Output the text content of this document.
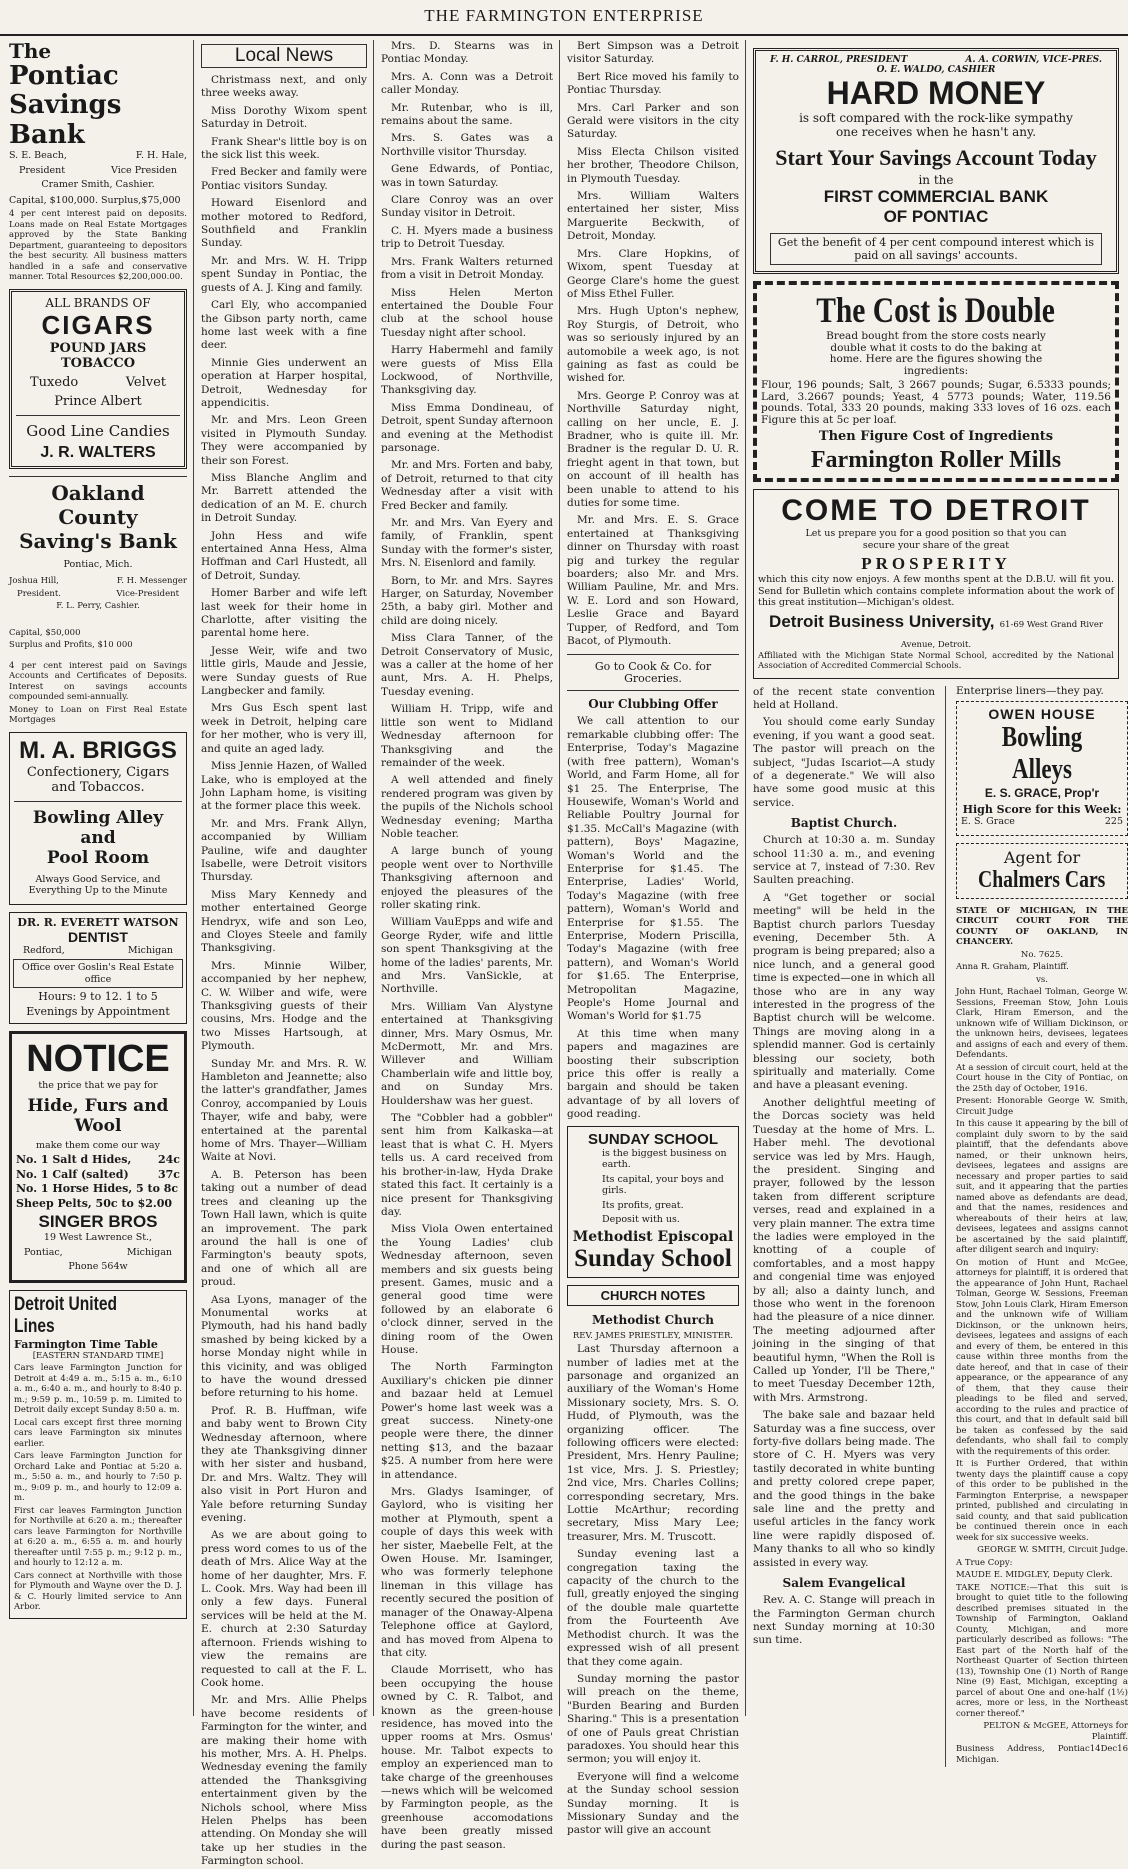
THE FARMINGTON ENTERPRISE
The
Pontiac
Savings Bank
S. E. Beach,	F. H. Hale,
President	Vice Presiden
Cramer Smith, Cashier.
Capital, $100,000. Surplus,$75,000
4 per cent interest paid on deposits. Loans made on Real Estate Mortgages approved by the State Banking Department, guaranteeing to depositors the best security. All business matters handled in a safe and conservative manner. Total Resources $2,200,000.00.
ALL BRANDS OF
CIGARS
POUND JARS TOBACCO
Tuxedo	Velvet
Prince Albert
Good Line Candies
J. R. WALTERS
Oakland County
Saving's Bank
Pontiac, Mich.
Joshua Hill,	F. H. Messenger
President.	Vice-President
F. L. Perry, Cashier.
Capital, $50,000
Surplus and Profits, $10 000
4 per cent interest paid on Savings Accounts and Certificates of Deposits. Interest on savings accounts compounded semi-annually.
Money to Loan on First Real Estate Mortgages
M. A. BRIGGS
Confectionery, Cigars
and Tobaccos.
Bowling Alley and
Pool Room
Always Good Service, and Everything Up to the Minute
DR. R. EVERETT WATSON
DENTIST
Redford,	Michigan
Office over Goslin's Real Estate office
Hours: 9 to 12. 1 to 5
Evenings by Appointment
NOTICE
the price that we pay for
Hide, Furs and Wool
make them come our way
No. 1 Salt d Hides, 24c
No. 1 Calf (salted)	37c
No. 1 Horse Hides, 5 to 8c
Sheep Pelts, 50c to $2.00
SINGER BROS
19 West Lawrence St.,
Pontiac,	Michigan
Phone 564w
Detroit United Lines
Farmington Time Table
[EASTERN STANDARD TIME]
Cars leave Farmington Junction for Detroit at 4:49 a. m., 5:15 a. m., 6:10 a. m., 6:40 a. m., and hourly to 8:40 p. m.; 9:59 p. m., 10:59 p. m. Limited to Detroit daily except Sunday 8:50 a. m.
Local cars except first three morning cars leave Farmington six minutes earlier.
Cars leave Farmington Junction for Orchard Lake and Pontiac at 5:20 a. m., 5:50 a. m., and hourly to 7:50 p. m., 9:09 p. m., and hourly to 12:09 a. m.
First car leaves Farmington Junction for Northville at 6:20 a. m.; thereafter cars leave Farmington for Northville at 6:20 a. m., 6:55 a. m. and hourly thereafter until 7:55 p. m.; 9:12 p. m., and hourly to 12:12 a. m.
Cars connect at Northville with those for Plymouth and Wayne over the D. J. & C. Hourly limited service to Ann Arbor.
Local News

Christmass next, and only three weeks away.

Miss Dorothy Wixom spent Saturday in Detroit.

Frank Shear's little boy is on the sick list this week.

Fred Becker and family were Pontiac visitors Sunday.

Howard Eisenlord and mother motored to Redford, Southfield and Franklin Sunday.

Mr. and Mrs. W. H. Tripp spent Sunday in Pontiac, the guests of A. J. King and family.

Carl Ely, who accompanied the Gibson party north, came home last week with a fine deer.

Minnie Gies underwent an operation at Harper hospital, Detroit, Wednesday for appendicitis.

Mr. and Mrs. Leon Green visited in Plymouth Sunday. They were accompanied by their son Forest.

Miss Blanche Anglim and Mr. Barrett attended the dedication of an M. E. church in Detroit Sunday.

John Hess and wife entertained Anna Hess, Alma Hoffman and Carl Hustedt, all of Detroit, Sunday.

Homer Barber and wife left last week for their home in Charlotte, after visiting the parental home here.

Jesse Weir, wife and two little girls, Maude and Jessie, were Sunday guests of Rue Langbecker and family.

Mrs Gus Esch spent last week in Detroit, helping care for her mother, who is very ill, and quite an aged lady.

Miss Jennie Hazen, of Walled Lake, who is employed at the John Lapham home, is visiting at the former place this week.

Mr. and Mrs. Frank Allyn, accompanied by William Pauline, wife and daughter Isabelle, were Detroit visitors Thursday.

Miss Mary Kennedy and mother entertained George Hendryx, wife and son Leo, and Cloyes Steele and family Thanksgiving.

Mrs. Minnie Wilber, accompanied by her nephew, C. W. Wilber and wife, were Thanksgiving guests of their cousins, Mrs. Hodge and the two Misses Hartsough, at Plymouth.

Sunday Mr. and Mrs. R. W. Hambleton and Jeannette; also the latter's grandfather, James Conroy, accompanied by Louis Thayer, wife and baby, were entertained at the parental home of Mrs. Thayer—William Waite at Novi.

A. B. Peterson has been taking out a number of dead trees and cleaning up the Town Hall lawn, which is quite an improvement. The park around the hall is one of Farmington's beauty spots, and one of which all are proud.

Asa Lyons, manager of the Monumental works at Plymouth, had his hand badly smashed by being kicked by a horse Monday night while in this vicinity, and was obliged to have the wound dressed before returning to his home.

Prof. R. B. Huffman, wife and baby went to Brown City Wednesday afternoon, where they ate Thanksgiving dinner with her sister and husband, Dr. and Mrs. Waltz. They will also visit in Port Huron and Yale before returning Sunday evening.

As we are about going to press word comes to us of the death of Mrs. Alice Way at the home of her daughter, Mrs. F. L. Cook. Mrs. Way had been ill only a few days. Funeral services will be held at the M. E. church at 2:30 Saturday afternoon. Friends wishing to view the remains are requested to call at the F. L. Cook home.

Mr. and Mrs. Allie Phelps have become residents of Farmington for the winter, and are making their home with his mother, Mrs. A. H. Phelps. Wednesday evening the family attended the Thanksgiving entertainment given by the Nichols school, where Miss Helen Phelps has been attending. On Monday she will take up her studies in the Farmington school.

Mrs. D. Stearns was in Pontiac Monday.

Mrs. A. Conn was a Detroit caller Monday.

Mr. Rutenbar, who is ill, remains about the same.

Mrs. S. Gates was a Northville visitor Thursday.

Gene Edwards, of Pontiac, was in town Saturday.

Clare Conroy was an over Sunday visitor in Detroit.

C. H. Myers made a business trip to Detroit Tuesday.

Mrs. Frank Walters returned from a visit in Detroit Monday.

Miss Helen Merton entertained the Double Four club at the school house Tuesday night after school.

Harry Habermehl and family were guests of Miss Ella Lockwood, of Northville, Thanksgiving day.

Miss Emma Dondineau, of Detroit, spent Sunday afternoon and evening at the Methodist parsonage.

Mr. and Mrs. Forten and baby, of Detroit, returned to that city Wednesday after a visit with Fred Becker and family.

Mr. and Mrs. Van Eyery and family, of Franklin, spent Sunday with the former's sister, Mrs. N. Eisenlord and family.

Born, to Mr. and Mrs. Sayres Harger, on Saturday, November 25th, a baby girl. Mother and child are doing nicely.

Miss Clara Tanner, of the Detroit Conservatory of Music, was a caller at the home of her aunt, Mrs. A. H. Phelps, Tuesday evening.

William H. Tripp, wife and little son went to Midland Wednesday afternoon for Thanksgiving and the remainder of the week.

A well attended and finely rendered program was given by the pupils of the Nichols school Wednesday evening; Martha Noble teacher.

A large bunch of young people went over to Northville Thanksgiving afternoon and enjoyed the pleasures of the roller skating rink.

William VauEpps and wife and George Ryder, wife and little son spent Thanksgiving at the home of the ladies' parents, Mr. and Mrs. VanSickle, at Northville.

Mrs. William Van Alystyne entertained at Thanksgiving dinner, Mrs. Mary Osmus, Mr. McDermott, Mr. and Mrs. Willever and William Chamberlain wife and little boy, and on Sunday Mrs. Houldershaw was her guest.

The "Cobbler had a gobbler" sent him from Kalkaska—at least that is what C. H. Myers tells us. A card received from his brother-in-law, Hyda Drake stated this fact. It certainly is a nice present for Thanksgiving day.

Miss Viola Owen entertained the Young Ladies' club Wednesday afternoon, seven members and six guests being present. Games, music and a general good time were followed by an elaborate 6 o'clock dinner, served in the dining room of the Owen House.

The North Farmington Auxiliary's chicken pie dinner and bazaar held at Lemuel Power's home last week was a great success. Ninety-one people were there, the dinner netting $13, and the bazaar $25. A number from here were in attendance.

Mrs. Gladys Isaminger, of Gaylord, who is visiting her mother at Plymouth, spent a couple of days this week with her sister, Maebelle Felt, at the Owen House. Mr. Isaminger, who was formerly telephone lineman in this village has recently secured the position of manager of the Onaway-Alpena Telephone office at Gaylord, and has moved from Alpena to that city.

Claude Morrisett, who has been occupying the house owned by C. R. Talbot, and known as the green-house residence, has moved into the upper rooms at Mrs. Osmus' house. Mr. Talbot expects to employ an experienced man to take charge of the greenhouses—news which will be welcomed by Farmington people, as the greenhouse accomodations have been greatly missed during the past season.

Bert Simpson was a Detroit visitor Saturday.

Bert Rice moved his family to Pontiac Thursday.

Mrs. Carl Parker and son Gerald were visitors in the city Saturday.

Miss Electa Chilson visited her brother, Theodore Chilson, in Plymouth Tuesday.

Mrs. William Walters entertained her sister, Miss Marguerite Beckwith, of Detroit, Monday.

Mrs. Clare Hopkins, of Wixom, spent Tuesday at George Clare's home the guest of Miss Ethel Fuller.

Mrs. Hugh Upton's nephew, Roy Sturgis, of Detroit, who was so seriously injured by an automobile a week ago, is not gaining as fast as could be wished for.

Mrs. George P. Conroy was at Northville Saturday night, calling on her uncle, E. J. Bradner, who is quite ill. Mr. Bradner is the regular D. U. R. frieght agent in that town, but on account of ill health has been unable to attend to his duties for some time.

Mr. and Mrs. E. S. Grace entertained at Thanksgiving dinner on Thursday with roast pig and turkey the regular boarders; also Mr. and Mrs. William Pauline, Mr. and Mrs. W. E. Lord and son Howard, Leslie Grace and Bayard Tupper, of Redford, and Tom Bacot, of Plymouth.

Go to Cook & Co. for Groceries.
Our Clubbing Offer

We call attention to our remarkable clubbing offer: The Enterprise, Today's Magazine (with free pattern), Woman's World, and Farm Home, all for $1 25. The Enterprise, The Housewife, Woman's World and Reliable Poultry Journal for $1.35. McCall's Magazine (with pattern), Boys' Magazine, Woman's World and the Enterprise for $1.45. The Enterprise, Ladies' World, Today's Magazine (with free pattern), Woman's World and Enterprise for $1.55. The Enterprise, Modern Priscilla, Today's Magazine (with free pattern), and Woman's World for $1.65. The Enterprise, Metropolitan Magazine, People's Home Journal and Woman's World for $1.75

At this time when many papers and magazines are boosting their subscription price this offer is really a bargain and should be taken advantage of by all lovers of good reading.

SUNDAY SCHOOL
is the biggest business on earth.
Its capital, your boys and girls.
Its profits, great.
Deposit with us.
Methodist Episcopal
Sunday School
CHURCH NOTES
Methodist Church
REV. JAMES PRIESTLEY, MINISTER.

Last Thursday afternoon a number of ladies met at the parsonage and organized an auxiliary of the Woman's Home Missionary society, Mrs. S. O. Hudd, of Plymouth, was the organizing officer. The following officers were elected: President, Mrs. Henry Pauline; 1st vice, Mrs. J. S. Priestley; 2nd vice, Mrs. Charles Collins; corresponding secretary, Mrs. Lottie McArthur; recording secretary, Miss Mary Lee; treasurer, Mrs. M. Truscott.

Sunday evening last a congregation taxing the capacity of the church to the full, greatly enjoyed the singing of the double male quartette from the Fourteenth Ave Methodist church. It was the expressed wish of all present that they come again.

Sunday morning the pastor will preach on the theme, "Burden Bearing and Burden Sharing." This is a presentation of one of Pauls great Christian paradoxes. You should hear this sermon; you will enjoy it.

Everyone will find a welcome at the Sunday school session Sunday morning. It is Missionary Sunday and the pastor will give an account

F. H. CARROL, PRESIDENT	A. A. CORWIN, VICE-PRES.
O. E. WALDO, CASHIER
HARD MONEY
is soft compared with the rock-like sympathy
one receives when he hasn't any.
Start Your Savings Account Today
in the
FIRST COMMERCIAL BANK
OF PONTIAC
Get the benefit of 4 per cent compound interest which is paid on all savings' accounts.
The Cost is Double
Bread bought from the store costs nearly double what it costs to do the baking at home. Here are the figures showing the ingredients:
Flour, 196 pounds; Salt, 3 2667 pounds; Sugar, 6.5333 pounds; Lard, 3.2667 pounds; Yeast, 4 5773 pounds; Water, 119.56 pounds. Total, 333 20 pounds, making 333 loves of 16 ozs. each Figure this at 5c per loaf.
Then Figure Cost of Ingredients
Farmington Roller Mills
COME TO DETROIT
Let us prepare you for a good position so that you can secure your share of the great
PROSPERITY
which this city now enjoys. A few months spent at the D.B.U. will fit you. Send for Bulletin which contains complete information about the work of this great institution—Michigan's oldest.
Detroit Business University, 61-69 West Grand River Avenue, Detroit.
Affiliated with the Michigan State Normal School, accredited by the National Association of Accredited Commercial Schools.

of the recent state convention held at Holland.

You should come early Sunday evening, if you want a good seat. The pastor will preach on the subject, "Judas Iscariot—A study of a degenerate." We will also have some good music at this service.

Baptist Church.

Church at 10:30 a. m. Sunday school 11:30 a. m., and evening service at 7, instead of 7:30. Rev Saulten preaching.

A "Get together or social meeting" will be held in the Baptist church parlors Tuesday evening, December 5th. A program is being prepared; also a nice lunch, and a general good time is expected—one in which all those who are in any way interested in the progress of the Baptist church will be welcome. Things are moving along in a splendid manner. God is certainly blessing our society, both spiritually and materially. Come and have a pleasant evening.

Another delightful meeting of the Dorcas society was held Tuesday at the home of Mrs. L. Haber mehl. The devotional service was led by Mrs. Haugh, the president. Singing and prayer, followed by the lesson taken from different scripture verses, read and explained in a very plain manner. The extra time the ladies were employed in the knotting of a couple of comfortables, and a most happy and congenial time was enjoyed by all; also a dainty lunch, and those who went in the forenoon had the pleasure of a nice dinner. The meeting adjourned after joining in the singing of that beautiful hymn, "When the Roll is Called up Yonder, I'll be There," to meet Tuesday December 12th, with Mrs. Armstrong.

The bake sale and bazaar held Saturday was a fine success, over forty-five dollars being made. The store of C. H. Myers was very tastily decorated in white bunting and pretty colored crepe paper, and the good things in the bake sale line and the pretty and useful articles in the fancy work line were rapidly disposed of. Many thanks to all who so kindly assisted in every way.

Salem Evangelical

Rev. A. C. Stange will preach in the Farmington German church next Sunday morning at 10:30 sun time.

Enterprise liners—they pay.
OWEN HOUSE
Bowling Alleys
E. S. GRACE, Prop'r
High Score for this Week:
E. S. Grace	225
Agent for
Chalmers Cars
STATE OF MICHIGAN, IN THE CIRCUIT COURT FOR THE COUNTY OF OAKLAND, IN CHANCERY.
No. 7625.
Anna R. Graham, Plaintiff.
vs.
John Hunt, Rachael Tolman, George W. Sessions, Freeman Stow, John Louis Clark, Hiram Emerson, and the unknown wife of William Dickinson, or the unknown heirs, devisees, legatees and assigns of each and every of them. Defendants.
At a session of circuit court, held at the Court house in the City of Pontiac, on the 25th day of October, 1916.
Present: Honorable George W. Smith, Circuit Judge
In this cause it appearing by the bill of complaint duly sworn to by the said plaintiff, that the defendants above named, or their unknown heirs, devisees, legatees and assigns are necessary and proper parties to said suit, and it appearing that the parties named above as defendants are dead, and that the names, residences and whereabouts of their heirs at law, devisees, legatees and assigns cannot be ascertained by the said plaintiff, after diligent search and inquiry:
On motion of Hunt and McGee, attorneys for plaintiff, it is ordered that the appearance of John Hunt, Rachael Tolman, George W. Sessions, Freeman Stow, John Louis Clark, Hiram Emerson and the unknown wife of William Dickinson, or the unknown heirs, devisees, legatees and assigns of each and every of them, be entered in this cause within three months from the date hereof, and that in case of their appearance, or the appearance of any of them, that they cause their pleadings to be filed and served, according to the rules and practice of this court, and that in default said bill be taken as confessed by the said defendants, who shall fail to comply with the requirements of this order.
It is Further Ordered, that within twenty days the plaintiff cause a copy of this order to be published in the Farmington Enterprise, a newspaper printed, published and circulating in said county, and that said publication be continued therein once in each week for six successive weeks.
GEORGE W. SMITH, Circuit Judge.
A True Copy:
MAUDE E. MIDGLEY, Deputy Clerk.
TAKE NOTICE:—That this suit is brought to quiet title to the following described premises situated in the Township of Farmington, Oakland County, Michigan, and more particularly described as follows: "The East part of the North half of the Northeast Quarter of Section thirteen (13), Township One (1) North of Range Nine (9) East, Michigan, excepting a parcel of about One and one-half (1½) acres, more or less, in the Northeast corner thereof."
PELTON & McGEE, Attorneys for Plaintiff.
Business Address, Pontiac Michigan.
14Dec16
